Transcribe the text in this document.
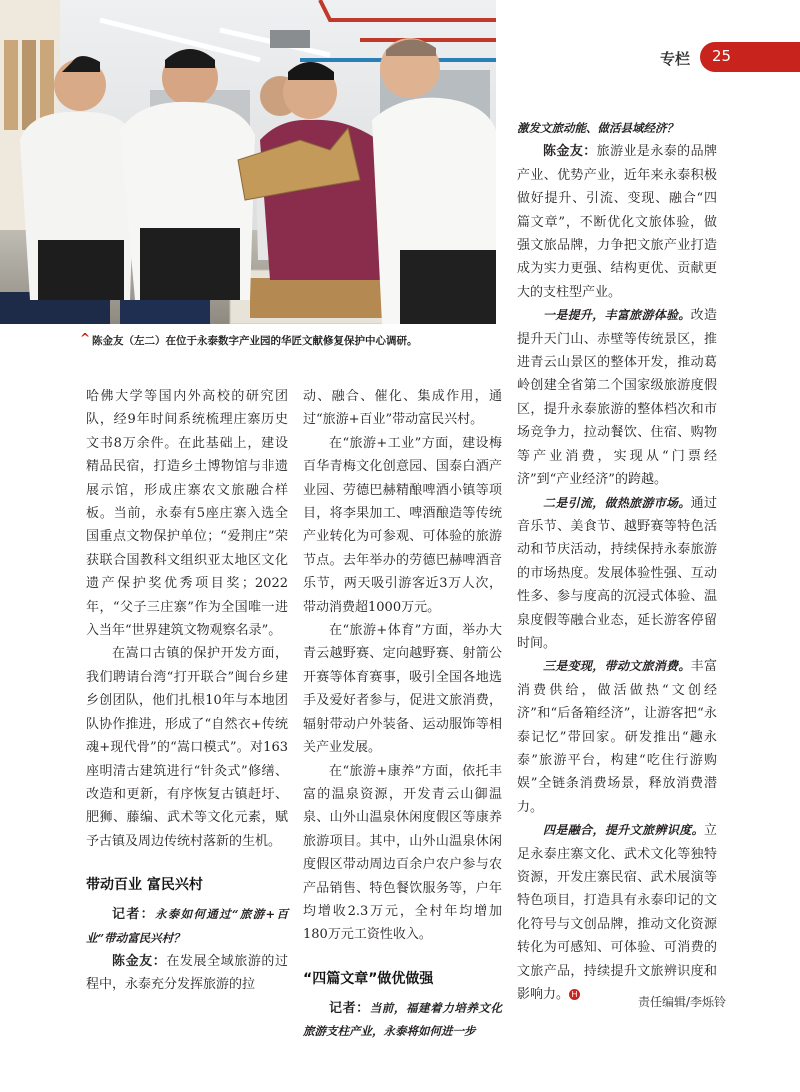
专栏	25
^ 陈金友（左二）在位于永泰数字产业园的华匠文献修复保护中心调研。

哈佛大学等国内外高校的研究团队，经9年时间系统梳理庄寨历史文书8万余件。在此基础上，建设精品民宿，打造乡土博物馆与非遗展示馆，形成庄寨农文旅融合样板。当前，永泰有5座庄寨入选全国重点文物保护单位；“爱荆庄”荣获联合国教科文组织亚太地区文化遗产保护奖优秀项目奖；2022年，“父子三庄寨”作为全国唯一进入当年“世界建筑文物观察名录”。

在嵩口古镇的保护开发方面，我们聘请台湾“打开联合”闽台乡建乡创团队，他们扎根10年与本地团队协作推进，形成了“自然衣+传统魂+现代骨”的“嵩口模式”。对163座明清古建筑进行“针灸式”修缮、改造和更新，有序恢复古镇赶圩、肥狮、藤编、武术等文化元素，赋予古镇及周边传统村落新的生机。

带动百业 富民兴村

记者：永泰如何通过“旅游+百业”带动富民兴村？

陈金友：在发展全域旅游的过程中，永泰充分发挥旅游的拉

动、融合、催化、集成作用，通过“旅游+百业”带动富民兴村。

在“旅游+工业”方面，建设梅百华青梅文化创意园、国泰白酒产业园、劳德巴赫精酿啤酒小镇等项目，将李果加工、啤酒酿造等传统产业转化为可参观、可体验的旅游节点。去年举办的劳德巴赫啤酒音乐节，两天吸引游客近3万人次，带动消费超1000万元。

在“旅游+体育”方面，举办大青云越野赛、定向越野赛、射箭公开赛等体育赛事，吸引全国各地选手及爱好者参与，促进文旅消费，辐射带动户外装备、运动服饰等相关产业发展。

在“旅游+康养”方面，依托丰富的温泉资源，开发青云山御温泉、山外山温泉休闲度假区等康养旅游项目。其中，山外山温泉休闲度假区带动周边百余户农户参与农产品销售、特色餐饮服务等，户年均增收2.3万元，全村年均增加180万元工资性收入。

“四篇文章”做优做强

记者：当前，福建着力培养文化旅游支柱产业，永泰将如何进一步

激发文旅动能、做活县域经济？

陈金友：旅游业是永泰的品牌产业、优势产业，近年来永泰积极做好提升、引流、变现、融合“四篇文章”，不断优化文旅体验，做强文旅品牌，力争把文旅产业打造成为实力更强、结构更优、贡献更大的支柱型产业。

一是提升，丰富旅游体验。改造提升天门山、赤壁等传统景区，推进青云山景区的整体开发，推动葛岭创建全省第二个国家级旅游度假区，提升永泰旅游的整体档次和市场竞争力，拉动餐饮、住宿、购物等产业消费，实现从“门票经济”到“产业经济”的跨越。

二是引流，做热旅游市场。通过音乐节、美食节、越野赛等特色活动和节庆活动，持续保持永泰旅游的市场热度。发展体验性强、互动性多、参与度高的沉浸式体验、温泉度假等融合业态，延长游客停留时间。

三是变现，带动文旅消费。丰富消费供给，做活做热“文创经济”和“后备箱经济”，让游客把“永泰记忆”带回家。研发推出“趣永泰”旅游平台，构建“吃住行游购娱”全链条消费场景，释放消费潜力。

四是融合，提升文旅辨识度。立足永泰庄寨文化、武术文化等独特资源，开发庄寨民宿、武术展演等特色项目，打造具有永泰印记的文化符号与文创品牌，推动文化资源转化为可感知、可体验、可消费的文旅产品，持续提升文旅辨识度和影响力。 H

责任编辑/李烁铃
